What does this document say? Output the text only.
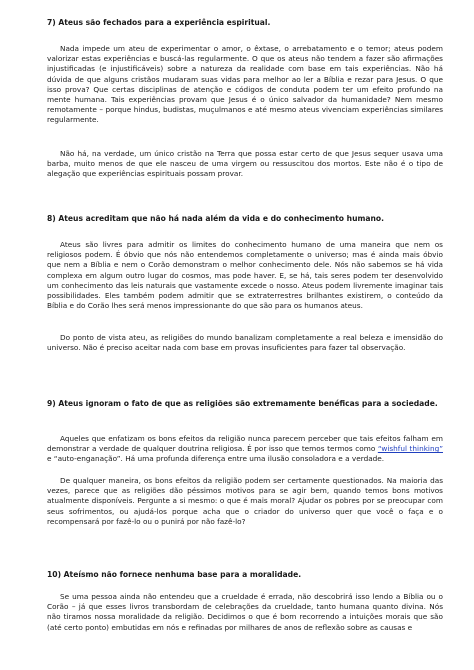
7) Ateus são fechados para a experiência espiritual.

Nada impede um ateu de experimentar o amor, o êxtase, o arrebatamento e o temor; ateus podem valorizar estas experiências e buscá-las regularmente. O que os ateus não tendem a fazer são afirmações injustificadas (e injustificáveis) sobre a natureza da realidade com base em tais experiências. Não há dúvida de que alguns cristãos mudaram suas vidas para melhor ao ler a Bíblia e rezar para Jesus. O que isso prova? Que certas disciplinas de atenção e códigos de conduta podem ter um efeito profundo na mente humana. Tais experiências provam que Jesus é o único salvador da humanidade? Nem mesmo remotamente – porque hindus, budistas, muçulmanos e até mesmo ateus vivenciam experiências similares regularmente.

Não há, na verdade, um único cristão na Terra que possa estar certo de que Jesus sequer usava uma barba, muito menos de que ele nasceu de uma virgem ou ressuscitou dos mortos. Este não é o tipo de alegação que experiências espirituais possam provar.

8) Ateus acreditam que não há nada além da vida e do conhecimento humano.

Ateus são livres para admitir os limites do conhecimento humano de uma maneira que nem os religiosos podem. É óbvio que nós não entendemos completamente o universo; mas é ainda mais óbvio que nem a Bíblia e nem o Corão demonstram o melhor conhecimento dele. Nós não sabemos se há vida complexa em algum outro lugar do cosmos, mas pode haver. E, se há, tais seres podem ter desenvolvido um conhecimento das leis naturais que vastamente excede o nosso. Ateus podem livremente imaginar tais possibilidades. Eles também podem admitir que se extraterrestres brilhantes existirem, o conteúdo da Bíblia e do Corão lhes será menos impressionante do que são para os humanos ateus.

Do ponto de vista ateu, as religiões do mundo banalizam completamente a real beleza e imensidão do universo. Não é preciso aceitar nada com base em provas insuficientes para fazer tal observação.

9) Ateus ignoram o fato de que as religiões são extremamente benéficas para a sociedade.

Aqueles que enfatizam os bons efeitos da religião nunca parecem perceber que tais efeitos falham em demonstrar a verdade de qualquer doutrina religiosa. É por isso que temos termos como “wishful thinking” e “auto-enganação”. Há uma profunda diferença entre uma ilusão consoladora e a verdade.

De qualquer maneira, os bons efeitos da religião podem ser certamente questionados. Na maioria das vezes, parece que as religiões dão péssimos motivos para se agir bem, quando temos bons motivos atualmente disponíveis. Pergunte a si mesmo: o que é mais moral? Ajudar os pobres por se preocupar com seus sofrimentos, ou ajudá-los porque acha que o criador do universo quer que você o faça e o recompensará por fazê-lo ou o punirá por não fazê-lo?

10) Ateísmo não fornece nenhuma base para a moralidade.

Se uma pessoa ainda não entendeu que a crueldade é errada, não descobrirá isso lendo a Bíblia ou o Corão – já que esses livros transbordam de celebrações da crueldade, tanto humana quanto divina. Nós não tiramos nossa moralidade da religião. Decidimos o que é bom recorrendo a intuições morais que são (até certo ponto) embutidas em nós e refinadas por milhares de anos de reflexão sobre as causas e
